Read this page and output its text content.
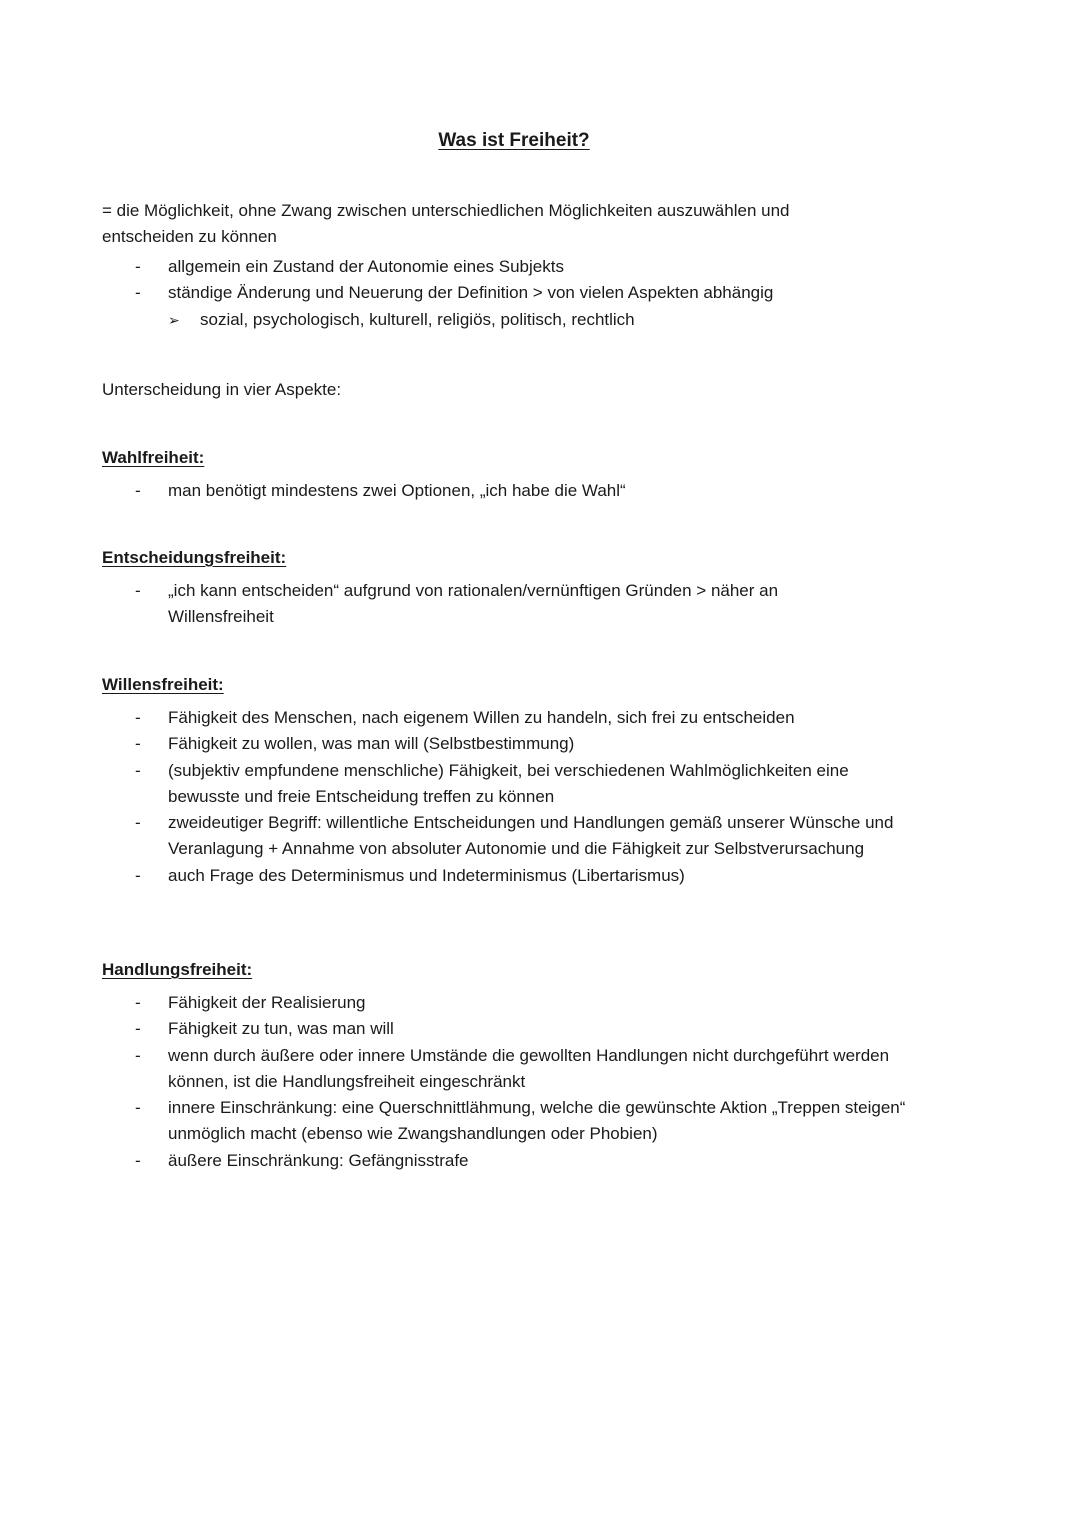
Was ist Freiheit?
= die Möglichkeit, ohne Zwang zwischen unterschiedlichen Möglichkeiten auszuwählen und
entscheiden zu können
- allgemein ein Zustand der Autonomie eines Subjekts
- ständige Änderung und Neuerung der Definition > von vielen Aspekten abhängig
➢ sozial, psychologisch, kulturell, religiös, politisch, rechtlich
Unterscheidung in vier Aspekte:
Wahlfreiheit:
- man benötigt mindestens zwei Optionen, „ich habe die Wahl“
Entscheidungsfreiheit:
- „ich kann entscheiden“ aufgrund von rationalen/vernünftigen Gründen > näher an Willensfreiheit
Willensfreiheit:
- Fähigkeit des Menschen, nach eigenem Willen zu handeln, sich frei zu entscheiden
- Fähigkeit zu wollen, was man will (Selbstbestimmung)
- (subjektiv empfundene menschliche) Fähigkeit, bei verschiedenen Wahlmöglichkeiten eine bewusste und freie Entscheidung treffen zu können
- zweideutiger Begriff: willentliche Entscheidungen und Handlungen gemäß unserer Wünsche und Veranlagung + Annahme von absoluter Autonomie und die Fähigkeit zur Selbstverursachung
- auch Frage des Determinismus und Indeterminismus (Libertarismus)
Handlungsfreiheit:
- Fähigkeit der Realisierung
- Fähigkeit zu tun, was man will
- wenn durch äußere oder innere Umstände die gewollten Handlungen nicht durchgeführt werden können, ist die Handlungsfreiheit eingeschränkt
- innere Einschränkung: eine Querschnittlähmung, welche die gewünschte Aktion „Treppen steigen“ unmöglich macht (ebenso wie Zwangshandlungen oder Phobien)
- äußere Einschränkung: Gefängnisstrafe
